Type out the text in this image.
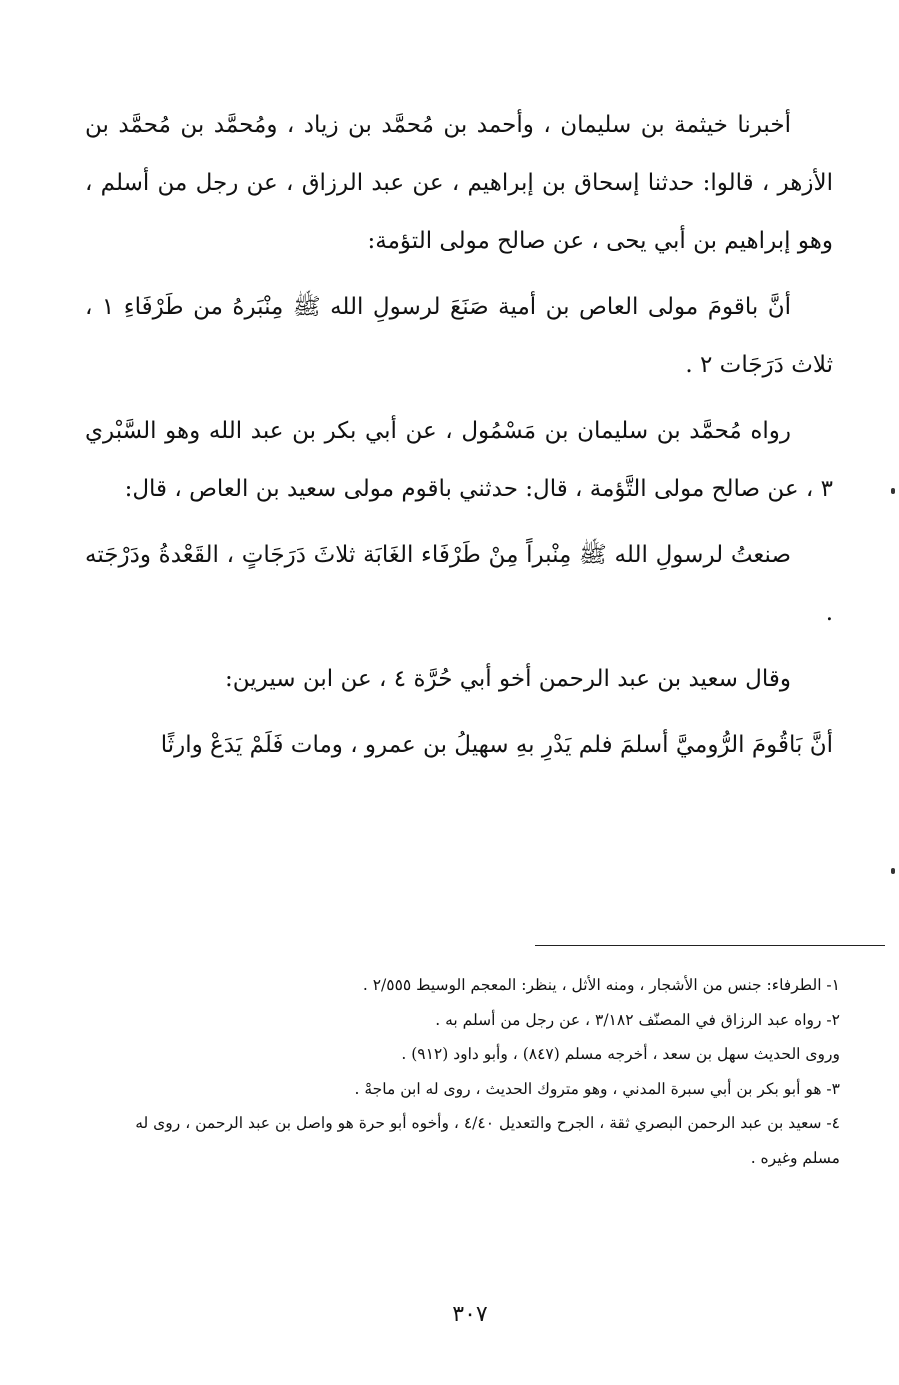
أخبرنا خيثمة بن سليمان ، وأحمد بن مُحمَّد بن زياد ، ومُحمَّد بن مُحمَّد بن الأزهر ، قالوا: حدثنا إسحاق بن إبراهيم ، عن عبد الرزاق ، عن رجل من أسلم ، وهو إبراهيم بن أبي يحى ، عن صالح مولى التؤمة:

أنَّ باقومَ مولى العاص بن أمية صَنَعَ لرسولِ الله ﷺ مِنْبَرهُ من طَرْفَاءِ ١ ، ثلاث دَرَجَات ٢ .

رواه مُحمَّد بن سليمان بن مَسْمُول ، عن أبي بكر بن عبد الله وهو السَّبْري ٣ ، عن صالح مولى التَّؤمة ، قال: حدثني باقوم مولى سعيد بن العاص ، قال:

صنعتُ لرسولِ الله ﷺ مِنْبراً مِنْ طَرْفَاء الغَابَة ثلاثَ دَرَجَاتٍ ، القَعْدةُ ودَرْجَته .

وقال سعيد بن عبد الرحمن أخو أبي حُرَّة ٤ ، عن ابن سيرين:

أنَّ بَاقُومَ الرُّوميَّ أسلمَ فلم يَدْرِ بهِ سهيلُ بن عمرو ، ومات فَلَمْ يَدَعْ وارثًا

١- الطرفاء: جنس من الأشجار ، ومنه الأثل ، ينظر: المعجم الوسيط ٢/٥٥٥ .

٢- رواه عبد الرزاق في المصنّف ٣/١٨٢ ، عن رجل من أسلم به .

وروى الحديث سهل بن سعد ، أخرجه مسلم (٨٤٧) ، وأبو داود (٩١٢) .

٣- هو أبو بكر بن أبي سبرة المدني ، وهو متروك الحديث ، روى له ابن ماجهْ .

٤- سعيد بن عبد الرحمن البصري ثقة ، الجرح والتعديل ٤/٤٠ ، وأخوه أبو حرة هو واصل بن عبد الرحمن ، روى له مسلم وغيره .

٣٠٧
